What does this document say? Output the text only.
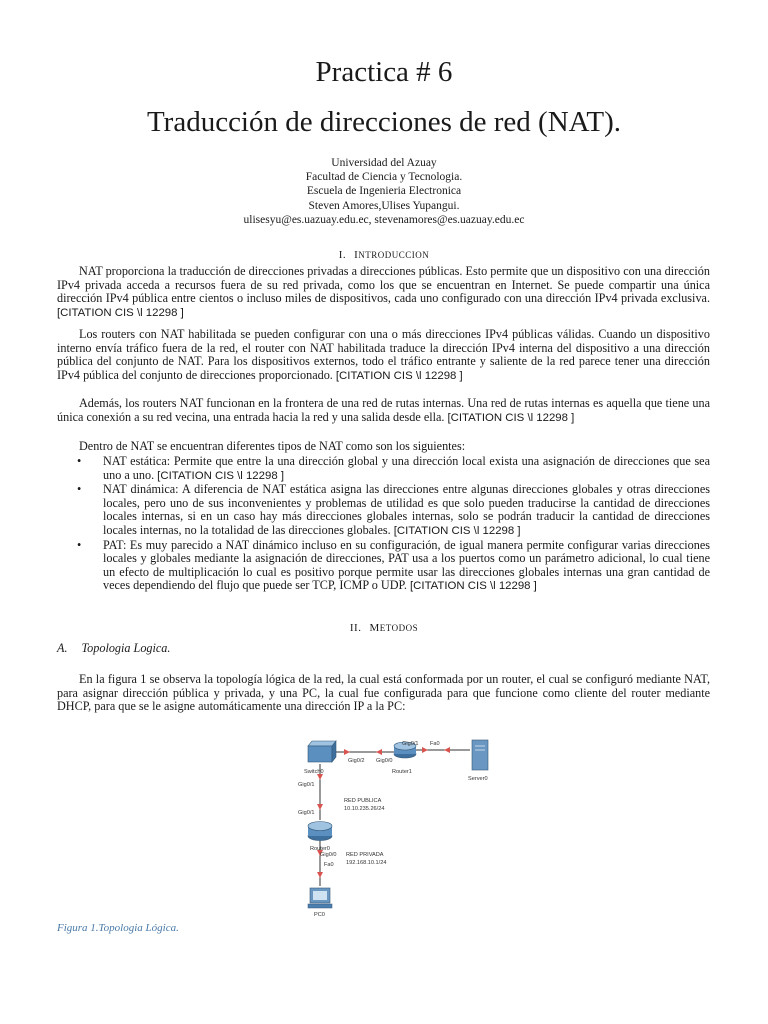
Practica # 6
Traducción de direcciones de red (NAT).
Universidad del Azuay
Facultad de Ciencia y Tecnologia.
Escuela de Ingenieria Electronica
Steven Amores,Ulises Yupangui.
ulisesyu@es.uazuay.edu.ec, stevenamores@es.uazuay.edu.ec
I. INTRODUCCION
NAT proporciona la traducción de direcciones privadas a direcciones públicas. Esto permite que un dispositivo con una dirección IPv4 privada acceda a recursos fuera de su red privada, como los que se encuentran en Internet. Se puede compartir una única dirección IPv4 pública entre cientos o incluso miles de dispositivos, cada uno configurado con una dirección IPv4 privada exclusiva. [CITATION CIS \l 12298 ]
Los routers con NAT habilitada se pueden configurar con una o más direcciones IPv4 públicas válidas. Cuando un dispositivo interno envía tráfico fuera de la red, el router con NAT habilitada traduce la dirección IPv4 interna del dispositivo a una dirección pública del conjunto de NAT. Para los dispositivos externos, todo el tráfico entrante y saliente de la red parece tener una dirección IPv4 pública del conjunto de direcciones proporcionado. [CITATION CIS \l 12298 ]
Además, los routers NAT funcionan en la frontera de una red de rutas internas. Una red de rutas internas es aquella que tiene una única conexión a su red vecina, una entrada hacia la red y una salida desde ella. [CITATION CIS \l 12298 ]
Dentro de NAT se encuentran diferentes tipos de NAT como son los siguientes:
• NAT estática: Permite que entre la una dirección global y una dirección local exista una asignación de direcciones que sea uno a uno. [CITATION CIS \l 12298 ]
• NAT dinámica: A diferencia de NAT estática asigna las direcciones entre algunas direcciones globales y otras direcciones locales, pero uno de sus inconvenientes y problemas de utilidad es que solo pueden traducirse la cantidad de direcciones locales internas, si en un caso hay más direcciones globales internas, solo se podrán traducir la cantidad de direcciones locales internas, no la totalidad de las direcciones globales. [CITATION CIS \l 12298 ]
• PAT: Es muy parecido a NAT dinámico incluso en su configuración, de igual manera permite configurar varias direcciones locales y globales mediante la asignación de direcciones, PAT usa a los puertos como un parámetro adicional, lo cual tiene un efecto de multiplicación lo cual es positivo porque permite usar las direcciones globales internas una gran cantidad de veces dependiendo del flujo que puede ser TCP, ICMP o UDP. [CITATION CIS \l 12298 ]
II. METODOS
A. Topologia Logica.
En la figura 1 se observa la topología lógica de la red, la cual está conformada por un router, el cual se configuró mediante NAT, para asignar dirección pública y privada, y una PC, la cual fue configurada para que funcione como cliente del router mediante DHCP, para que se le asigne automáticamente una dirección IP a la PC:
Switch0	Router1
Server0
Router0
PC0
Gig0/2 Gig0/0
Gig0/1 Fa0
Gig0/1
Gig0/1
Gig0/0
Fa0
RED PUBLICA
10.10.235.26/24
RED PRIVADA
192.168.10.1/24
Figura 1.Topologia Lógica.
